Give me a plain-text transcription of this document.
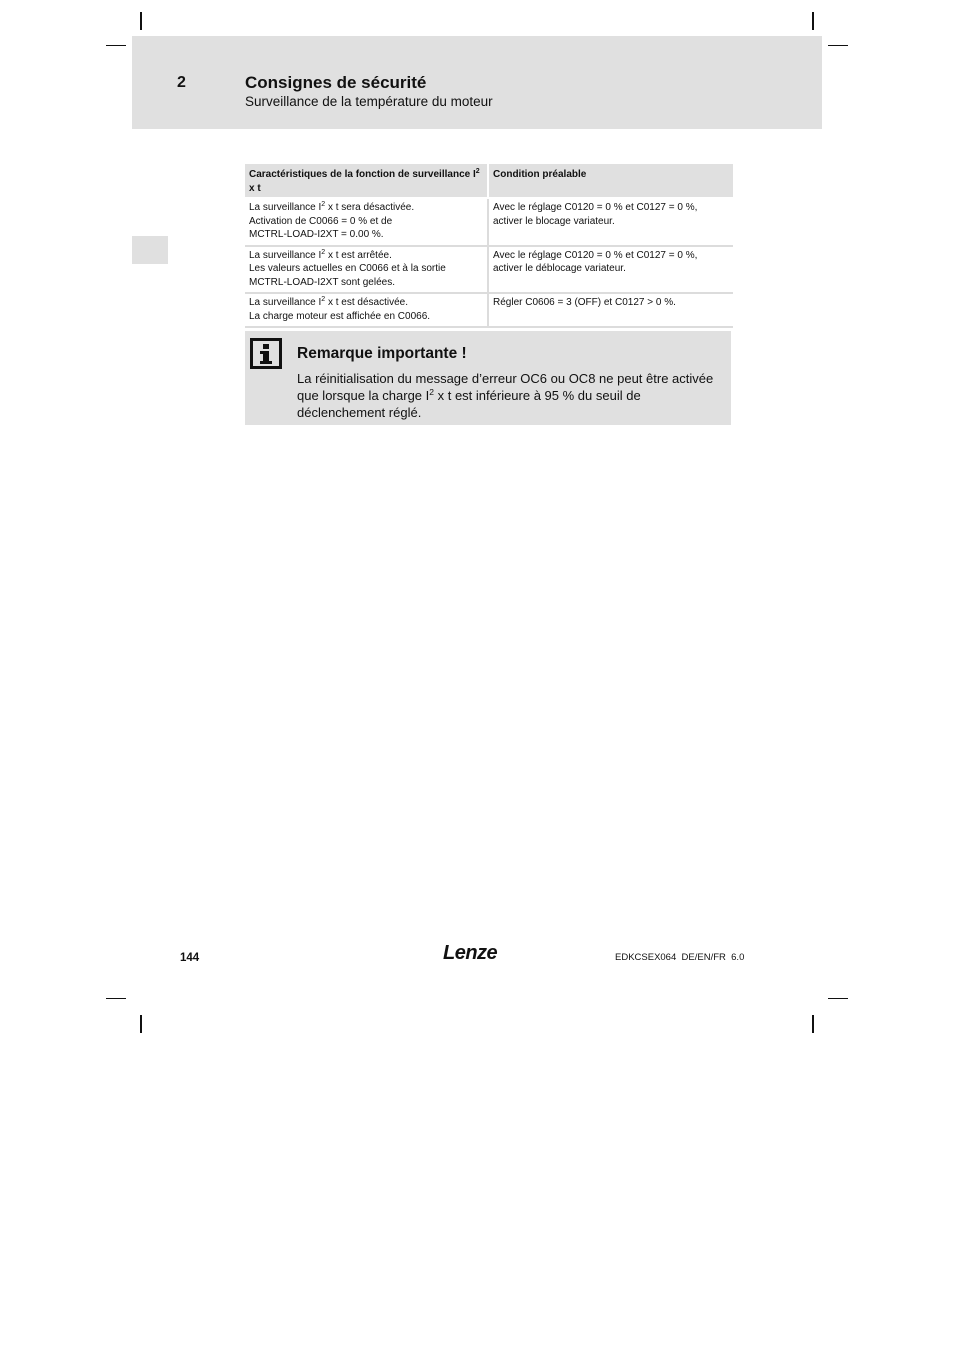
2	Consignes de sécurité
Surveillance de la température du moteur
Caractéristiques de la fonction de surveillance $I^2$ x t	Condition préalable

La surveillance $I^2$ x t sera désactivée.
Activation de C0066 = 0 % et de
MCTRL-LOAD-I2XT = 0.00 %.	Avec le réglage C0120 = 0 % et C0127 = 0 %,
activer le blocage variateur.

La surveillance $I^2$ x t est arrêtée.
Les valeurs actuelles en C0066 et à la sortie
MCTRL-LOAD-I2XT sont gelées.	Avec le réglage C0120 = 0 % et C0127 = 0 %,
activer le déblocage variateur.

La surveillance $I^2$ x t est désactivée.
La charge moteur est affichée en C0066.	Régler C0606 = 3 (OFF) et C0127 > 0 %.
Remarque importante !
La réinitialisation du message d’erreur OC6 ou OC8 ne peut être activée que lorsque la charge $I^2$ x t est inférieure à 95 % du seuil de déclenchement réglé.
144	Lenze	EDKCSEX064  DE/EN/FR  6.0
